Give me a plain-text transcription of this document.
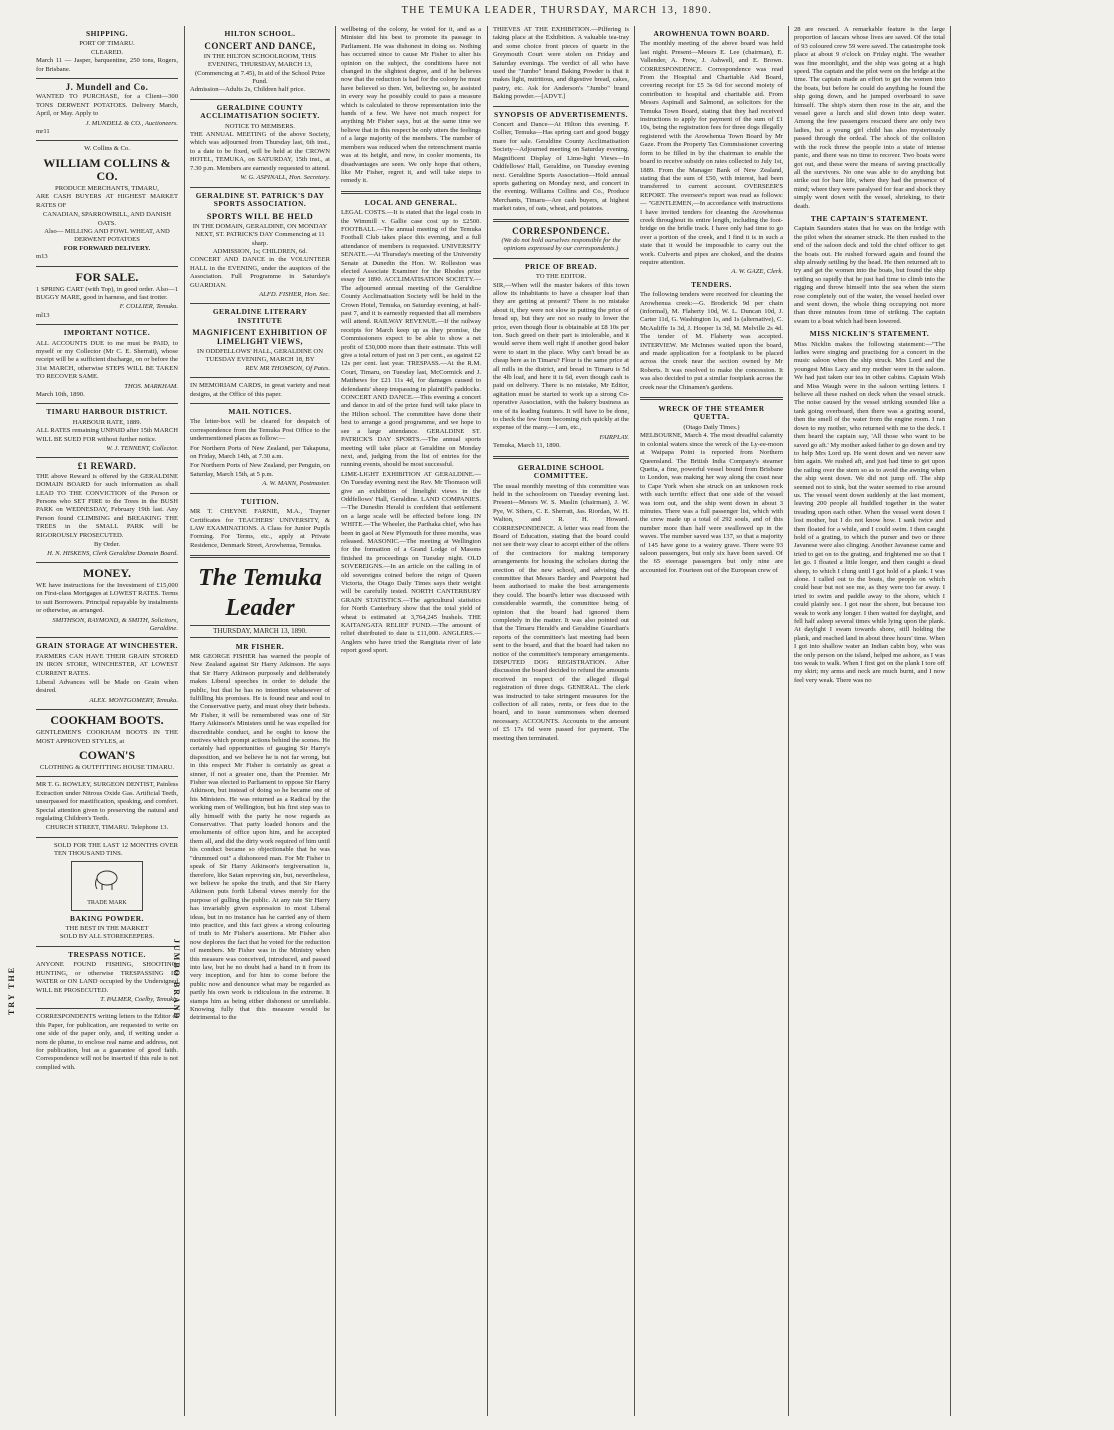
THE TEMUKA LEADER, THURSDAY, MARCH 13, 1890.
SHIPPING.
PORT OF TIMARU.
CLEARED.
March 11 — Jasper, barquentine, 250 tons, Rogers, for Brisbane.
J. Mundell and Co.
WANTED TO PURCHASE, for a Client—300 TONS DERWENT POTATOES. Delivery March, April, or May. Apply to
J. MUNDELL & CO., Auctioneers.
mr11
W. Collins & Co.
WILLIAM COLLINS & CO.
PRODUCE MERCHANTS, TIMARU,
ARE CASH BUYERS AT HIGHEST MARKET RATES OF
CANADIAN, SPARROWBILL, AND DANISH OATS.
Also— MILLING AND FOWL WHEAT, AND DERWENT POTATOES
FOR FORWARD DELIVERY.
m13
FOR SALE.
1 SPRING CART (with Top), in good order. Also—1 BUGGY MARE, good in harness, and fast trotter.
F. COLLIER, Temuka.
ml13
IMPORTANT NOTICE.
ALL ACCOUNTS DUE to me must be PAID, to myself or my Collector (Mr C. E. Sherratt), whose receipt will be a sufficient discharge, on or before the 31st MARCH, otherwise STEPS WILL BE TAKEN TO RECOVER SAME.
THOS. MARKHAM.
March 10th, 1890.
TIMARU HARBOUR DISTRICT.
HARBOUR RATE, 1889.
ALL RATES remaining UNPAID after 15th MARCH WILL BE SUED FOR without further notice.
W. J. TENNENT, Collector.
£1 REWARD.
THE above Reward is offered by the GERALDINE DOMAIN BOARD for such information as shall LEAD TO THE CONVICTION of the Person or Persons who SET FIRE to the Trees in the BUSH PARK on WEDNESDAY, February 19th last. Any Person found CLIMBING and BREAKING THE TREES in the SMALL PARK will be RIGOROUSLY PROSECUTED.
By Order.
H. N. HISKENS, Clerk Geraldine Domain Board.
MONEY.
WE have instructions for the Investment of £15,000 on First-class Mortgages at LOWEST RATES. Terms to suit Borrowers. Principal repayable by instalments or otherwise, as arranged.
SMITHSON, RAYMOND, & SMITH, Solicitors, Geraldine.
GRAIN STORAGE AT WINCHESTER.
FARMERS CAN HAVE THEIR GRAIN STORED IN IRON STORE, WINCHESTER, AT LOWEST CURRENT RATES.
Liberal Advances will be Made on Grain when desired.
ALEX. MONTGOMERY, Temuka.
COOKHAM BOOTS.
GENTLEMEN'S COOKHAM BOOTS IN THE MOST APPROVED STYLES, at
COWAN'S
CLOTHING & OUTFITTING HOUSE TIMARU.
MR T. G. ROWLEY, SURGEON DENTIST, Painless Extraction under Nitrous Oxide Gas. Artificial Teeth, unsurpassed for mastification, speaking, and comfort. Special attention given to preserving the natural and regulating Children's Teeth.
CHURCH STREET, TIMARU. Telephone 13.
SOLD FOR THE LAST 12 MONTHS OVER TEN THOUSAND TINS.
TRADE MARK
BAKING POWDER.
THE BEST IN THE MARKET
SOLD BY ALL STOREKEEPERS.
TRESPASS NOTICE.
ANYONE FOUND FISHING, SHOOTING, HUNTING, or otherwise TRESPASSING IN WATER or ON LAND occupied by the Undersigned WILL BE PROSECUTED.
T. PALMER, Coelby, Temuka.
CORRESPONDENTS writing letters to the Editor of this Paper, for publication, are requested to write on one side of the paper only, and, if writing under a nom de plume, to enclose real name and address, not for publication, but as a guarantee of good faith. Correspondence will not be inserted if this rule is not complied with.
TRY THE	JUMBO BRAND
HILTON SCHOOL.
CONCERT AND DANCE,
IN THE HILTON SCHOOLROOM, THIS EVENING, THURSDAY, MARCH 13, (Commencing at 7.45), In aid of the School Prize Fund.
Admission—Adults 2s, Children half price.
GERALDINE COUNTY ACCLIMATISATION SOCIETY.
NOTICE TO MEMBERS.
THE ANNUAL MEETING of the above Society, which was adjourned from Thursday last, 6th inst., to a date to be fixed, will be held at the CROWN HOTEL, TEMUKA, on SATURDAY, 15th inst., at 7.30 p.m. Members are earnestly requested to attend.
W. G. ASPINALL, Hon. Secretary.
GERALDINE ST. PATRICK'S DAY SPORTS ASSOCIATION.
SPORTS WILL BE HELD
IN THE DOMAIN, GERALDINE, ON MONDAY NEXT, ST. PATRICK'S DAY Commencing at 11 sharp.
ADMISSION, 1s; CHILDREN, 6d.
CONCERT AND DANCE in the VOLUNTEER HALL in the EVENING, under the auspices of the Association. Full Programme in Saturday's GUARDIAN.
ALFD. FISHER, Hon. Sec.
GERALDINE LITERARY INSTITUTE
MAGNIFICENT EXHIBITION OF LIMELIGHT VIEWS,
IN ODDFELLOWS' HALL, GERALDINE ON TUESDAY EVENING, MARCH 18, BY
REV. MR THOMSON, Of Pates.
IN MEMORIAM CARDS, in great variety and neat designs, at the Office of this paper.
MAIL NOTICES.
The letter-box will be cleared for despatch of correspondence from the Temuka Post Office to the undermentioned places as follow:—
For Northern Ports of New Zealand, per Takapuna, on Friday, March 14th, at 7.30 a.m.
For Northern Ports of New Zealand, per Penguin, on Saturday, March 15th, at 5 p.m.
A. W. MANN, Postmaster.
TUITION.
MR T. CHEYNE FARNIE, M.A., Trayner Certificates for TEACHERS' UNIVERSITY, & LAW EXAMINATIONS. A Class for Junior Pupils Forming. For Terms, etc., apply at Private Residence, Denmark Street, Arowhenua, Temuka.
The Temuka Leader
THURSDAY, MARCH 13, 1890.
MR FISHER.
MR GEORGE FISHER has warned the people of New Zealand against Sir Harry Atkinson. He says that Sir Harry Atkinson purposely and deliberately makes Liberal speeches in order to delude the public, but that he has no intention whatsoever of fulfilling his promises. He is found near and soul to the Conservative party, and must obey their behests. Mr Fisher, it will be remembered was one of Sir Harry Atkinson's Ministers until he was expelled for discreditable conduct, and he ought to know the motives which prompt actions behind the scenes. He certainly had opportunities of gauging Sir Harry's disposition, and we believe he is not far wrong, but in this respect Mr Fisher is certainly as great a sinner, if not a greater one, than the Premier. Mr Fisher was elected to Parliament to oppose Sir Harry Atkinson, but instead of doing so he became one of his Ministers. He was returned as a Radical by the working men of Wellington, but his first step was to ally himself with the party he now regards as Conservative. That party loaded honors and the emoluments of office upon him, and he accepted them all, and did the dirty work required of him until his conduct became so objectionable that he was "drummed out" a dishonored man. For Mr Fisher to speak of Sir Harry Atkinson's tergiversation is, therefore, like Satan reproving sin, but, nevertheless, we believe he spoke the truth, and that Sir Harry Atkinson puts forth Liberal views merely for the purpose of gulling the public. At any rate Sir Harry has invariably given expression to most Liberal ideas, but in no instance has he carried any of them into practice, and this fact gives a strong colouring of truth to Mr Fisher's assertions. Mr Fisher also now deplores the fact that he voted for the reduction of members. Mr Fisher was in the Ministry when this measure was conceived, introduced, and passed into law, but he no doubt had a hand in it from its very inception, and for him to come before the public now and denounce what may be regarded as partly his own work is ridiculous in the extreme. It stamps him as being either dishonest or unreliable. Knowing fully that this measure would be detrimental to the
wellbeing of the colony, he voted for it, and as a Minister did his best to promote its passage in Parliament. He was dishonest in doing so. Nothing has occurred since to cause Mr Fisher to alter his opinion on the subject, the conditions have not changed in the slightest degree, and if he believes now that the reduction is bad for the colony he must have believed so then. Yet, believing so, he assisted in every way he possibly could to pass a measure which is calculated to throw representation into the hands of a few. We have not much respect for anything Mr Fisher says, but at the same time we believe that in this respect he only utters the feelings of a large majority of the members. The number of members was reduced when the retrenchment mania was at its height, and now, in cooler moments, its disadvantages are seen. We only hope that others, like Mr Fisher, regret it, and will take steps to remedy it.
LOCAL AND GENERAL.
LEGAL COSTS.—It is stated that the legal costs in the Wimmill v. Gallie case cost up to £2500. FOOTBALL.—The annual meeting of the Temuka Football Club takes place this evening, and a full attendance of members is requested. UNIVERSITY SENATE.—At Thursday's meeting of the University Senate at Dunedin the Hon. W. Rolleston was elected Associate Examiner for the Rhodes prize essay for 1890. ACCLIMATISATION SOCIETY.—The adjourned annual meeting of the Geraldine County Acclimatisation Society will be held in the Crown Hotel, Temuka, on Saturday evening, at half-past 7, and it is earnestly requested that all members will attend. RAILWAY REVENUE.—If the railway receipts for March keep up as they promise, the Commissioners expect to be able to show a net profit of £30,000 more than their estimate. This will give a total return of just on 3 per cent., as against £2 12s per cent. last year. TRESPASS.—At the R.M. Court, Timaru, on Tuesday last, McCormick and J. Matthews for £21 11s 4d, for damages caused to defendants' sheep trespassing in plaintiff's paddocks. CONCERT AND DANCE.—This evening a concert and dance in aid of the prize fund will take place in the Hilton school. The committee have done their best to arrange a good programme, and we hope to see a large attendance. GERALDINE ST. PATRICK'S DAY SPORTS.—The annual sports meeting will take place at Geraldine on Monday next, and, judging from the list of entries for the running events, should be most successful.
LIME-LIGHT EXHIBITION AT GERALDINE.—On Tuesday evening next the Rev. Mr Thomson will give an exhibition of limelight views in the Oddfellows' Hall, Geraldine. LAND COMPANIES.—The Dunedin Herald is confident that settlement on a large scale will be effected before long. IN WHITE.—The Wheeler, the Parihaka chief, who has been in gaol at New Plymouth for three months, was released. MASONIC.—The meeting at Wellington for the formation of a Grand Lodge of Masons finished its proceedings on Tuesday night. OLD SOVEREIGNS.—In an article on the calling in of old sovereigns coined before the reign of Queen Victoria, the Otago Daily Times says their weight will be carefully tested. NORTH CANTERBURY GRAIN STATISTICS.—The agricultural statistics for North Canterbury show that the total yield of wheat is estimated at 3,764,245 bushels. THE KAITANGATA RELIEF FUND.—The amount of relief distributed to date is £11,000. ANGLERS.—Anglers who have tried the Rangitata river of late report good sport.
THIEVES AT THE EXHIBITION.—Pilfering is taking place at the Exhibition. A valuable tea-tray and some choice front pieces of quartz in the Greymouth Court were stolen on Friday and Saturday evenings. The verdict of all who have used the "Jumbo" brand Baking Powder is that it makes light, nutritious, and digestive bread, cakes, pastry, etc. Ask for Anderson's "Jumbo" brand Baking powder.—[ADVT.]
SYNOPSIS OF ADVERTISEMENTS.
Concert and Dance—At Hilton this evening. F. Collier, Temuka—Has spring cart and good buggy mare for sale. Geraldine County Acclimatisation Society—Adjourned meeting on Saturday evening. Magnificent Display of Lime-light Views—In Oddfellows' Hall, Geraldine, on Tuesday evening next. Geraldine Sports Association—Hold annual sports gathering on Monday next, and concert in the evening. Williams Collins and Co., Produce Merchants, Timaru—Are cash buyers, at highest market rates, of oats, wheat, and potatoes.
CORRESPONDENCE.
(We do not hold ourselves responsible for the opinions expressed by our correspondents.)
PRICE OF BREAD.
TO THE EDITOR.
SIR,—When will the master bakers of this town allow its inhabitants to have a cheaper loaf than they are getting at present? There is no mistake about it, they were not slow in putting the price of bread up, but they are not so ready to lower the price, even though flour is obtainable at £8 10s per ton. Such greed on their part is intolerable, and it would serve them well right if another good baker were to start in the place. Why can't bread be as cheap here as in Timaru? Flour is the same price at all mills in the district, and bread in Timaru is 5d the 4lb loaf, and here it is 6d, even though cash is paid on delivery. There is no mistake, Mr Editor, agitation must be started to work up a strong Co-operative Association, with the bakery business as one of its leading features. It will have to be done, to check the few from becoming rich quickly at the expense of the many.—I am, etc.,
FAIRPLAY.
Temuka, March 11, 1890.
GERALDINE SCHOOL COMMITTEE.
The usual monthly meeting of this committee was held in the schoolroom on Tuesday evening last. Present—Messrs W. S. Maslin (chairman), J. W. Pye, W. Sthers, C. E. Sherratt, Jas. Riordan, W. H. Walton, and R. H. Howard. CORRESPONDENCE. A letter was read from the Board of Education, stating that the board could not see their way clear to accept either of the offers of the contractors for making temporary arrangements for housing the scholars during the erection of the new school, and advising the committee that Messrs Bardey and Pearpoint had been authorised to make the best arrangements they could. The board's letter was discussed with considerable warmth, the committee being of opinion that the board had ignored them completely in the matter. It was also pointed out that the Timaru Herald's and Geraldine Guardian's reports of the committee's last meeting had been sent to the board, and that the board had taken no notice of the committee's temporary arrangements. DISPUTED DOG REGISTRATION. After discussion the board decided to refund the amounts received in respect of the alleged illegal registration of three dogs. GENERAL. The clerk was instructed to take stringent measures for the collection of all rates, rents, or fees due to the board, and to issue summonses when deemed necessary. ACCOUNTS. Accounts to the amount of £5 17s 6d were passed for payment. The meeting then terminated.
AROWHENUA TOWN BOARD.
The monthly meeting of the above board was held last night. Present—Messrs E. Lee (chairman), E. Vallender, A. Frew, J. Ashwell, and E. Brown. CORRESPONDENCE. Correspondence was read From the Hospital and Charitable Aid Board, covering receipt for £5 3s 6d for second moiety of contribution to hospital and charitable aid. From Messrs Aspinall and Salmond, as solicitors for the Temuka Town Board, stating that they had received instructions to apply for payment of the sum of £1 10s, being the registration fees for three dogs illegally registered with the Arowhenua Town Board by Mr Gaze. From the Property Tax Commissioner covering form to be filled in by the chairman to enable the board to receive subsidy on rates collected to July 1st, 1889. From the Manager Bank of New Zealand, stating that the sum of £50, with interest, had been transferred to current account. OVERSEER'S REPORT. The overseer's report was read as follows:— "GENTLEMEN,—In accordance with instructions I have invited tenders for cleaning the Arowhenua creek throughout its entire length, including the foot-bridge on the bridle track. I have only had time to go over a portion of the creek, and I find it is in such a state that it would be impossible to carry out the work. Culverts and pipes are choked, and the drains require attention.
A. W. GAZE, Clerk.
TENDERS.
The following tenders were received for cleaning the Arowhenua creek:—G. Broderick 9d per chain (informal), M. Flaherty 10d, W. L. Duncan 10d, J. Carter 11d, G. Washington 1s, and 1s (alternative), C. McAuliffe 1s 3d, J. Hooper 1s 3d, M. Melville 2s 4d. The tender of M. Flaherty was accepted. INTERVIEW. Mr McInnes waited upon the board, and made application for a footplank to be placed across the creek near the section owned by Mr Roberts. It was resolved to make the concession. It was also decided to put a similar footplank across the creek near the Chinamen's gardens.
WRECK OF THE STEAMER QUETTA.
(Otago Daily Times.)
MELBOURNE, March 4. The most dreadful calamity in colonial waters since the wreck of the Ly-ee-moon at Waipapa Point is reported from Northern Queensland. The British India Company's steamer Quetta, a fine, powerful vessel bound from Brisbane to London, was making her way along the coast near to Cape York when she struck on an unknown rock with such terrific effect that one side of the vessel was torn out, and the ship went down in about 3 minutes. There was a full passenger list, which with the crew made up a total of 292 souls, and of this number more than half were swallowed up in the waves. The number saved was 137, so that a majority of 145 have gone to a watery grave. There were 93 saloon passengers, but only six have been saved. Of the 65 steerage passengers but only nine are accounted for. Fourteen out of the European crew of
28 are rescued. A remarkable feature is the large proportion of lascars whose lives are saved. Of the total of 93 coloured crew 59 were saved. The catastrophe took place at about 9 o'clock on Friday night. The weather was fine moonlight, and the ship was going at a high speed. The captain and the pilot were on the bridge at the time. The captain made an effort to get the women into the boats, but before he could do anything he found the ship going down, and he jumped overboard to save himself. The ship's stern then rose in the air, and the vessel gave a lurch and slid down into deep water. Among the few passengers rescued there are only two ladies, but a young girl child has also mysteriously passed through the ordeal. The shock of the collision with the rock threw the people into a state of intense panic, and there was no time to recover. Two boats were got out, and these were the means of saving practically all the survivors. No one was able to do anything but strike out for bare life, where they had the presence of mind; where they were paralysed for fear and shock they simply went down with the vessel, shrieking, to their death.
THE CAPTAIN'S STATEMENT.
Captain Saunders states that he was on the bridge with the pilot when the steamer struck. He then rushed to the end of the saloon deck and told the chief officer to get the boats out. He rushed forward again and found the ship already settling by the head. He then returned aft to try and get the women into the boats, but found the ship settling so rapidly that he just had time to climb into the rigging and throw himself into the sea when the stern rose completely out of the water, the vessel heeled over and went down, the whole thing occupying not more than three minutes from time of striking. The captain swam to a boat which had been lowered.
MISS NICKLIN'S STATEMENT.
Miss Nicklin makes the following statement:—"The ladies were singing and practising for a concert in the music saloon when the ship struck. Mrs Lord and the youngest Miss Lacy and my mother were in the saloon. We had just taken our tea in other cabins. Captain Wish and Miss Waugh were in the saloon writing letters. I believe all these rushed on deck when the vessel struck. The noise caused by the vessel striking sounded like a tank going overboard, then there was a grating sound, then the smell of the water from the engine room. I ran down to my mother, who returned with me to the deck. I then heard the captain say, 'All those who want to be saved go aft.' My mother asked father to go down and try to help Mrs Lord up. He went down and we never saw him again. We rushed aft, and just had time to get upon the railing over the stern so as to avoid the awning when the ship went down. We did not jump off. The ship seemed not to sink, but the water seemed to rise around us. The vessel went down suddenly at the last moment, leaving 200 people all huddled together in the water treading upon each other. When the vessel went down I lost mother, but I do not know how. I sank twice and then floated for a while, and I could swim. I then caught hold of a grating, to which the purser and two or three Javanese were also clinging. Another Javanese came and tried to get on to the grating, and frightened me so that I let go. I floated a little longer, and then caught a dead sheep, to which I clung until I got hold of a plank. I was alone. I called out to the boats, the people on which could hear but not see me, as they were too far away. I tried to swim and paddle away to the shore, which I could plainly see. I got near the shore, but because too weak to work any longer. I then waited for daylight, and fell half asleep several times while lying upon the plank. At daylight I swam towards shore, still holding the plank, and reached land in about three hours' time. When I got into shallow water an Indian cabin boy, who was the only person on the island, helped me ashore, as I was too weak to walk. When I first got on the plank I tore off my skirt; my arms and neck are much burnt, and I now feel very weak. There was no
